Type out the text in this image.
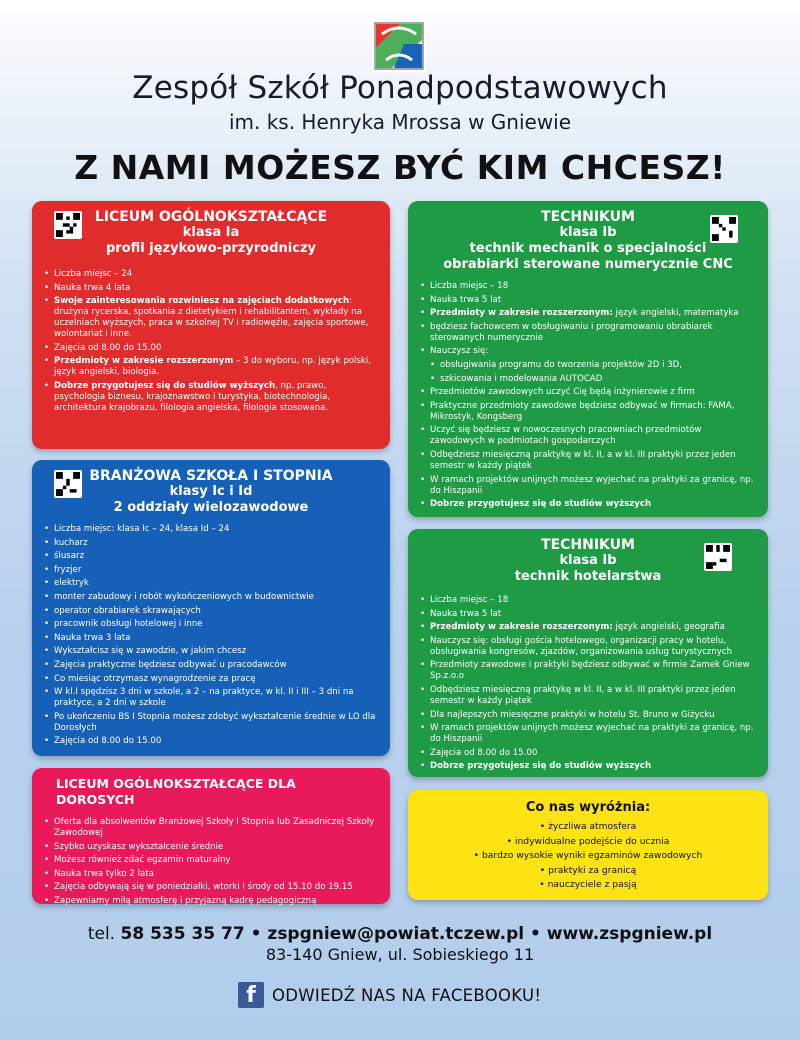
Zespół Szkół Ponadpodstawowych
im. ks. Henryka Mrossa w Gniewie
Z NAMI MOŻESZ BYĆ KIM CHCESZ!
LICEUM OGÓLNOKSZTAŁCĄCE
klasa Ia
profil językowo-przyrodniczy
• Liczba miejsc – 24
• Nauka trwa 4 lata
• Swoje zainteresowania rozwiniesz na zajęciach dodatkowych: drużyna rycerska, spotkania z dietetykiem i rehabilitantem, wykłady na uczelniach wyższych, praca w szkolnej TV i radiowęźle, zajęcia sportowe, wolontariat i inne.
• Zajęcia od 8.00 do 15.00
• Przedmioty w zakresie rozszerzonym – 3 do wyboru, np. język polski, język angielski, biologia.
• Dobrze przygotujesz się do studiów wyższych, np. prawo, psychologia biznesu, krajoznawstwo i turystyka, biotechnologia, architektura krajobrazu, filologia angielska, filologia stosowana.
BRANŻOWA SZKOŁA I STOPNIA
klasy Ic i Id
2 oddziały wielozawodowe
• Liczba miejsc: klasa Ic – 24, klasa Id – 24
• kucharz
• ślusarz
• fryzjer
• elektryk
• monter zabudowy i robót wykończeniowych w budownictwie
• operator obrabiarek skrawających
• pracownik obsługi hotelowej i inne
• Nauka trwa 3 lata
• Wykształcisz się w zawodzie, w jakim chcesz
• Zajęcia praktyczne będziesz odbywać u pracodawców
• Co miesiąc otrzymasz wynagrodzenie za pracę
• W kl.I spędzisz 3 dni w szkole, a 2 – na praktyce, w kl. II i III – 3 dni na praktyce, a 2 dni w szkole
• Po ukończeniu BS I Stopnia możesz zdobyć wykształcenie średnie w LO dla Dorosłych
• Zajęcia od 8.00 do 15.00
LICEUM OGÓLNOKSZTAŁCĄCE DLA DOROSYCH
• Oferta dla absolwentów Branżowej Szkoły I Stopnia lub Zasadniczej Szkoły Zawodowej
• Szybko uzyskasz wykształcenie średnie
• Możesz również zdać egzamin maturalny
• Nauka trwa tylko 2 lata
• Zajęcia odbywają się w poniedziałki, wtorki i środy od 15.10 do 19.15
• Zapewniamy miłą atmosferę i przyjazną kadrę pedagogiczną
TECHNIKUM
klasa Ib
technik mechanik o specjalności
obrabiarki sterowane numerycznie CNC
• Liczba miejsc – 18
• Nauka trwa 5 lat
• Przedmioty w zakresie rozszerzonym: język angielski, matematyka
• będziesz fachowcem w obsługiwaniu i programowaniu obrabiarek sterowanych numerycznie
• Nauczysz się:
• obsługiwania programu do tworzenia projektów 2D i 3D,
• szkicowania i modelowania AUTOCAD
• Przedmiotów zawodowych uczyć Cię będą inżynierowie z firm
• Praktyczne przedmioty zawodowe będziesz odbywać w firmach: FAMA, Mikrostyk, Kongsberg
• Uczyć się będziesz w nowoczesnych pracowniach przedmiotów zawodowych w podmiotach gospodarczych
• Odbędziesz miesięczną praktykę w kl. II, a w kl. III praktyki przez jeden semestr w każdy piątek
• W ramach projektów unijnych możesz wyjechać na praktyki za granicę, np. do Hiszpanii
• Dobrze przygotujesz się do studiów wyższych
TECHNIKUM
klasa Ib
technik hotelarstwa
• Liczba miejsc – 18
• Nauka trwa 5 lat
• Przedmioty w zakresie rozszerzonym: język angielski, geografia
• Nauczysz się: obsługi gościa hotelowego, organizacji pracy w hotelu, obsługiwania kongresów, zjazdów, organizowania usług turystycznych
• Przedmioty zawodowe i praktyki będziesz odbywać w firmie Zamek Gniew Sp.z.o.o
• Odbędziesz miesięczną praktykę w kl. II, a w kl. III praktyki przez jeden semestr w każdy piątek
• Dla najlepszych miesięczne praktyki w hotelu St. Bruno w Giżycku
• W ramach projektów unijnych możesz wyjechać na praktyki za granicę, np. do Hiszpanii
• Zajęcia od 8.00 do 15.00
• Dobrze przygotujesz się do studiów wyższych
Co nas wyróżnia:
• życzliwa atmosfera
• indywidualne podejście do ucznia
• bardzo wysokie wyniki egzaminów zawodowych
• praktyki za granicą
• nauczyciele z pasją
tel. 58 535 35 77 • zspgniew@powiat.tczew.pl • www.zspgniew.pl
83-140 Gniew, ul. Sobieskiego 11
f ODWIEDŹ NAS NA FACEBOOKU!
